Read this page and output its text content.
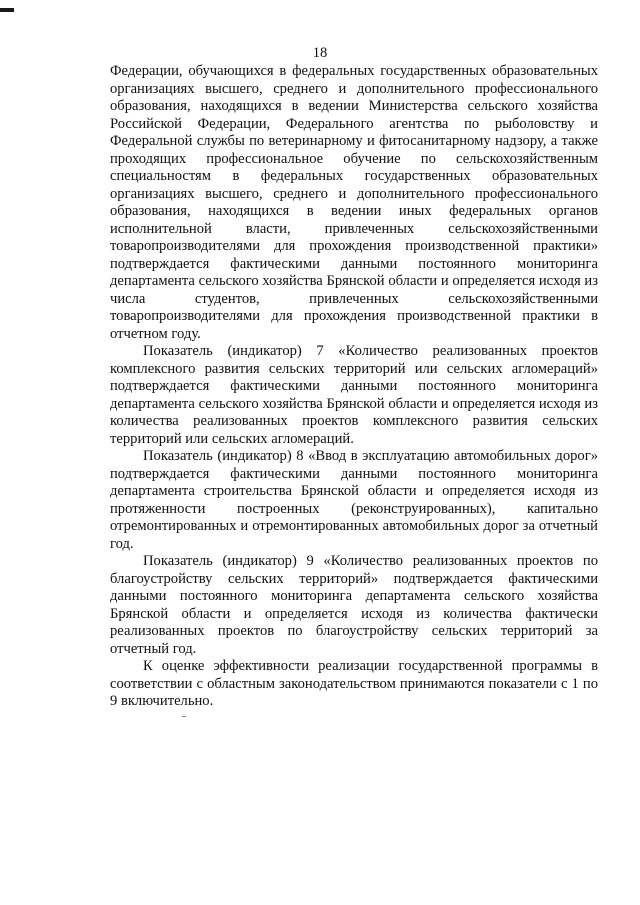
18

Федерации, обучающихся в федеральных государственных образовательных организациях высшего, среднего и дополнительного профессионального образования, находящихся в ведении Министерства сельского хозяйства Российской Федерации, Федерального агентства по рыболовству и Федеральной службы по ветеринарному и фитосанитарному надзору, а также проходящих профессиональное обучение по сельскохозяйственным специальностям в федеральных государственных образовательных организациях высшего, среднего и дополнительного профессионального образования, находящихся в ведении иных федеральных органов исполнительной власти, привлеченных сельскохозяйственными товаропроизводителями для прохождения производственной практики» подтверждается фактическими данными постоянного мониторинга департамента сельского хозяйства Брянской области и определяется исходя из числа студентов, привлеченных сельскохозяйственными товаропроизводителями для прохождения производственной практики в отчетном году.

Показатель (индикатор) 7 «Количество реализованных проектов комплексного развития сельских территорий или сельских агломераций» подтверждается фактическими данными постоянного мониторинга департамента сельского хозяйства Брянской области и определяется исходя из количества реализованных проектов комплексного развития сельских территорий или сельских агломераций.

Показатель (индикатор) 8 «Ввод в эксплуатацию автомобильных дорог» подтверждается фактическими данными постоянного мониторинга департамента строительства Брянской области и определяется исходя из протяженности построенных (реконструированных), капитально отремонтированных и отремонтированных автомобильных дорог за отчетный год.

Показатель (индикатор) 9 «Количество реализованных проектов по благоустройству сельских территорий» подтверждается фактическими данными постоянного мониторинга департамента сельского хозяйства Брянской области и определяется исходя из количества фактически реализованных проектов по благоустройству сельских территорий за отчетный год.

К оценке эффективности реализации государственной программы в соответствии с областным законодательством принимаются показатели с 1 по 9 включительно.
